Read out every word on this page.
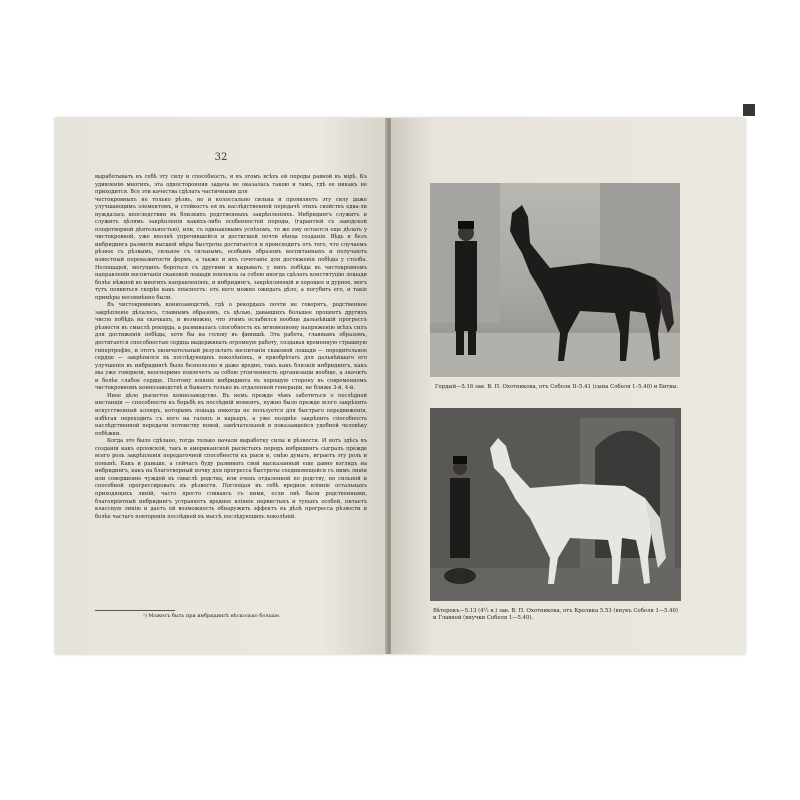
32

выработывать въ себѣ эту силу и способность, и въ этомъ всѣхъ ей породы равной въ мірѣ. Къ удивленію многихъ, эта односторонняя задача не оказалась такою и тамъ, гдѣ ее никакъ не приходится. Все эти качества сдѣлать частичными для

честокровныхъ не только рѣзвъ, но и колоссально сильна и проявляетъ эту силу даже улучшающимъ элементомъ, и стойкостъ ея въ наслѣдственной передачѣ этихъ свойствъ едва-ли нуждалась впоследствии въ близкихъ родственныхъ закрѣпленіяхъ. Инбридингъ служитъ и служитъ цѣлямъ закрѣпленія какихъ-либо особенностей породы, (гарантіей съ заводской плодотворной дѣятельностью), или, съ одинаковымъ успѣхомъ, то же ему остается еще дѣлать у чистокровной, уже вполнѣ упрочившейся и достигшей почти вѣнца созданія. Вѣдь и безъ инбридинга развитія высшей мѣры быстроты достигается и происходитъ отъ того, что случаемъ рѣзвое съ рѣзвымъ, сильное съ сильнымъ, особымъ образомъ воспитанныхъ и получаютъ известный перевазвитости формъ, а также и ихъ сочетаніе для достиженія побѣды у столба. Нелошадей, могущихъ бороться съ другими и вырывать у нихъ побѣды въ чистокровномъ направленіи воспитанія скаковой лошади повлекла за собою иногда сдѣлать конституцію лошади болѣе нѣжной во многихъ направленіяхъ, и инбридингъ, закрѣпляющій и хорошее и дурное, могъ тутъ появиться скорѣе какъ опасность: отъ него можно ожидать дѣло, а погубить его, и такіе примѣры несомнѣнно были.

Въ чистокровномъ коннозаводствѣ, гдѣ о рекордахъ почти не говорятъ, родственное закрѣпленіе дѣлалось, главнымъ образомъ, съ цѣлью, дававшихъ большее процентъ другихъ число побѣдъ на скачкахъ, и возможно, что этимъ ослабился вообще дальнѣйшій прогрессъ рѣзвости въ смыслѣ рекорда, а развивалась способность къ мгновенному напряженію всѣхъ силъ для достиженія побѣды, хотя бы на голову въ финишѣ. Эта работа, главнымъ образомъ, достигается способностью сердца выдерживать огромную работу, создавая временную страшную гипертрофію, и этотъ окончательный результатъ воспитанія скаковой лошади — породительное сердце — закрѣпился въ послѣдующихъ поколѣніяхъ, и приобрѣтать для дальнѣйшаго его улучшенія въ инбридингѣ было безполезно и даже вредно, такъ какъ близкій инбридингъ, какъ мы уже говорили, неоспоримо повлечетъ за собою утонченность организаціи вообще, а значитъ и болѣе слабое сердце. Поэтому вліяніе инбридинга въ хорошую сторону въ современномъ чистокровномъ коннозаводствѣ и бываетъ только въ отдаленной генераціи, не ближе 3-й, 4-й.

Иное дѣло рысистое коннозаводство. Въ немъ прежде чѣмъ заботиться о послѣдней инстанціи — способности къ борьбѣ въ послѣдній моментъ, нужно было прежде всего закрѣпить искусственный аллюръ, которымъ лошадь никогда не пользуется для быстраго передвиженія, избѣгая переходить съ него на галопъ и карьеръ, а уже позднѣе закрѣпить способность наслѣдственной передачи потомству новой, замѣчательной и показавшейся удобной человѣку побѣжки.

Когда это было сдѣлано, тогда только начали выработку силы и рѣзвости. И вотъ здѣсь въ созданіи какъ орловской, такъ и американской рысистыхъ породъ инбридингъ сыгралъ прежде всего роль закрѣпленія передаточной способности къ рыси и, смѣю думать, играетъ эту роль и понынѣ. Какъ и раньше, а сейчасъ буду развивать свой высказанный еще давно взглядъ на инбридингъ, какъ на благотворный почву для прогресса быстроты соединяющейся съ нимъ линіи или совершенно чуждой въ смыслѣ родства, или очень отдаленной по родству, но сильной и способной прогрессировать въ рѣзвости. Поглощая въ себѣ вредное вліяніе остальныхъ приходящихъ линій, часто просто сливаясь съ ними, если онѣ были родственными, благопріятный инбридингъ устраняетъ вредное вліяніе нервистыхъ и тупыхъ особей, питаетъ классную линію и даетъ ей возможность обнаружить эффектъ въ дѣлѣ прогресса рѣзвости и болѣе частаго повторенія послѣдней въ массѣ послѣдующихъ поколѣній.

¹) Можетъ быть при инбридингѣ нѣсколько больше.
Гордый—5.16 зав. В. П. Охотникова, отъ Соболя II–5.41 (сына Соболя 1–5.40) и Битвы.
Вѣтерокъ—5.13 (4½ в.) зав. В. П. Охотникова, отъ Кролика 5.53 (внукъ Соболя 1—5.40) и Главной (внучки Соболя 1—5.40).
